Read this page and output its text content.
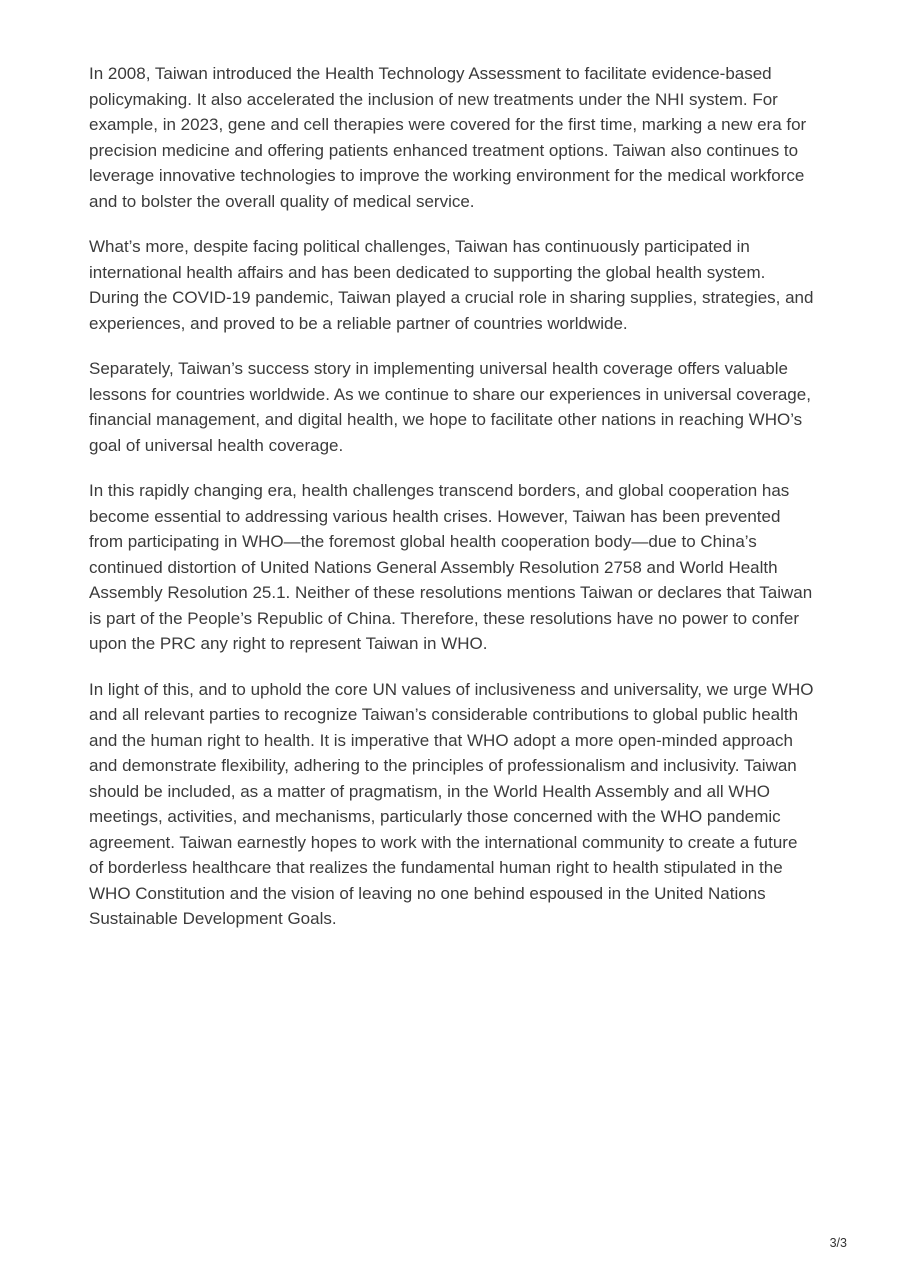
In 2008, Taiwan introduced the Health Technology Assessment to facilitate evidence-based policymaking. It also accelerated the inclusion of new treatments under the NHI system. For example, in 2023, gene and cell therapies were covered for the first time, marking a new era for precision medicine and offering patients enhanced treatment options. Taiwan also continues to leverage innovative technologies to improve the working environment for the medical workforce and to bolster the overall quality of medical service.

What’s more, despite facing political challenges, Taiwan has continuously participated in international health affairs and has been dedicated to supporting the global health system. During the COVID-19 pandemic, Taiwan played a crucial role in sharing supplies, strategies, and experiences, and proved to be a reliable partner of countries worldwide.

Separately, Taiwan’s success story in implementing universal health coverage offers valuable lessons for countries worldwide. As we continue to share our experiences in universal coverage, financial management, and digital health, we hope to facilitate other nations in reaching WHO’s goal of universal health coverage.

In this rapidly changing era, health challenges transcend borders, and global cooperation has become essential to addressing various health crises. However, Taiwan has been prevented from participating in WHO—the foremost global health cooperation body—due to China’s continued distortion of United Nations General Assembly Resolution 2758 and World Health Assembly Resolution 25.1. Neither of these resolutions mentions Taiwan or declares that Taiwan is part of the People’s Republic of China. Therefore, these resolutions have no power to confer upon the PRC any right to represent Taiwan in WHO.

In light of this, and to uphold the core UN values of inclusiveness and universality, we urge WHO and all relevant parties to recognize Taiwan’s considerable contributions to global public health and the human right to health. It is imperative that WHO adopt a more open-minded approach and demonstrate flexibility, adhering to the principles of professionalism and inclusivity. Taiwan should be included, as a matter of pragmatism, in the World Health Assembly and all WHO meetings, activities, and mechanisms, particularly those concerned with the WHO pandemic agreement. Taiwan earnestly hopes to work with the international community to create a future of borderless healthcare that realizes the fundamental human right to health stipulated in the WHO Constitution and the vision of leaving no one behind espoused in the United Nations Sustainable Development Goals.

3/3
